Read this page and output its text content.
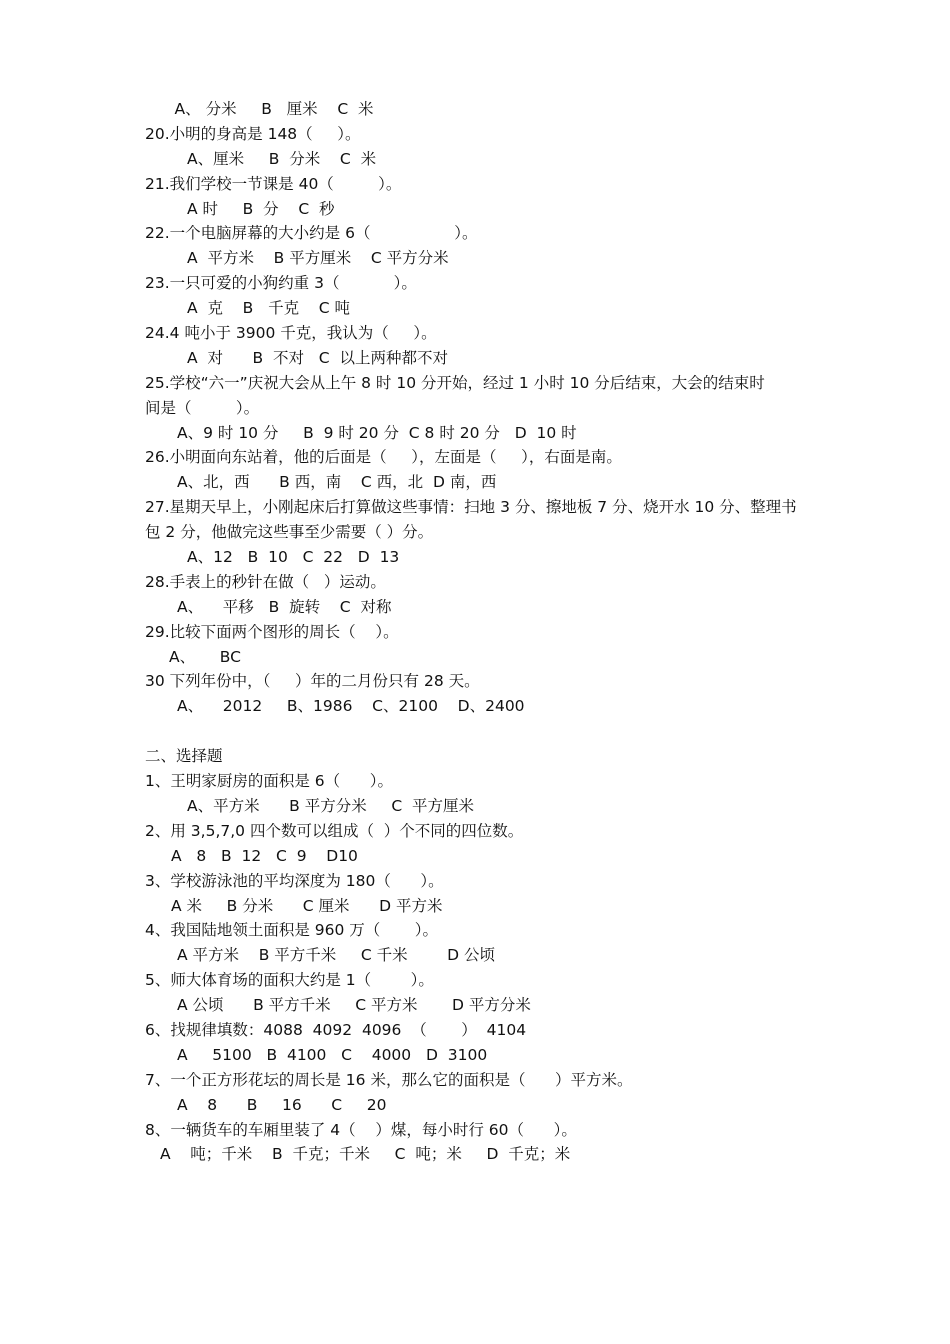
A、 分米     B   厘米    C  米
20.小明的身高是 148（     ）。
A、厘米     B  分米    C  米
21.我们学校一节课是 40（         ）。
A 时     B  分    C  秒
22.一个电脑屏幕的大小约是 6（                 ）。
A  平方米    B 平方厘米    C 平方分米
23.一只可爱的小狗约重 3（           ）。
A  克    B   千克    C 吨
24.4 吨小于 3900 千克，我认为（     ）。
A  对      B  不对   C  以上两种都不对
25.学校“六一”庆祝大会从上午 8 时 10 分开始，经过 1 小时 10 分后结束，大会的结束时
间是（         ）。
A、9 时 10 分     B  9 时 20 分  C 8 时 20 分   D  10 时
26.小明面向东站着，他的后面是（     ），左面是（     ），右面是南。
A、北，西      B 西，南    C 西，北  D 南，西
27.星期天早上，小刚起床后打算做这些事情：扫地 3 分、擦地板 7 分、烧开水 10 分、整理书
包 2 分，他做完这些事至少需要（ ）分。
A、12   B  10   C  22   D  13
28.手表上的秒针在做（   ）运动。
A、    平移   B  旋转    C  对称
29.比较下面两个图形的周长（    ）。
A、     BC
30 下列年份中，（     ）年的二月份只有 28 天。
A、    2012     B、1986    C、2100    D、2400
二、选择题
1、王明家厨房的面积是 6（      ）。
A、平方米      B 平方分米     C  平方厘米
2、用 3,5,7,0 四个数可以组成（  ）个不同的四位数。
A   8   B  12   C  9    D10
3、学校游泳池的平均深度为 180（      ）。
A 米     B 分米      C 厘米      D 平方米
4、我国陆地领土面积是 960 万（       ）。
A 平方米    B 平方千米     C 千米        D 公顷
5、师大体育场的面积大约是 1（        ）。
A 公顷      B 平方千米     C 平方米       D 平方分米
6、找规律填数：4088  4092  4096  （       ）  4104
A     5100   B  4100   C    4000   D  3100
7、一个正方形花坛的周长是 16 米，那么它的面积是（      ）平方米。
A    8      B     16      C     20
8、一辆货车的车厢里装了 4（    ）煤，每小时行 60（      ）。
A    吨；千米    B  千克；千米     C  吨；米     D  千克；米
